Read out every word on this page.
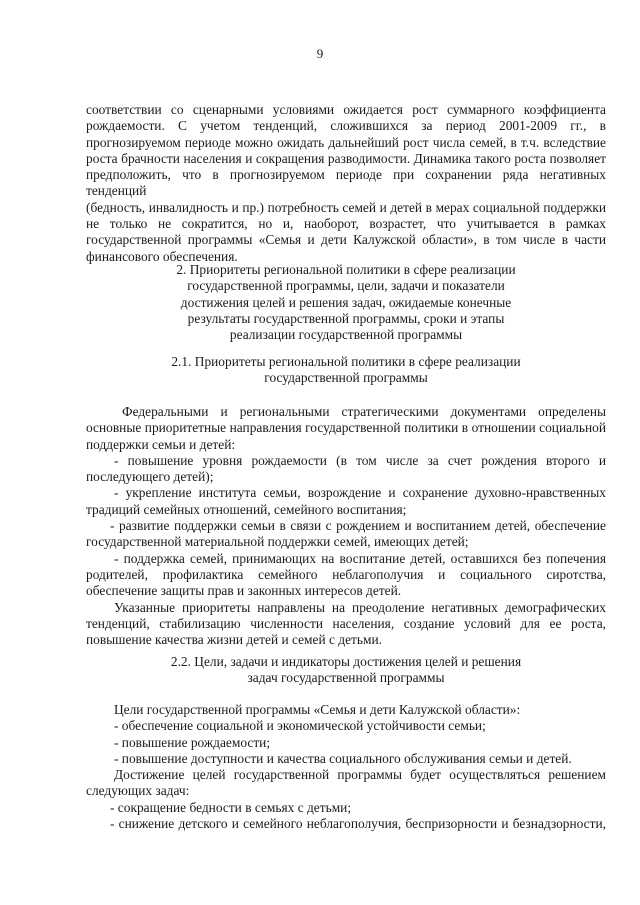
9
соответствии со сценарными условиями ожидается рост суммарного коэффициента
рождаемости. С учетом тенденций, сложившихся за период 2001-2009 гг., в
прогнозируемом периоде можно ожидать дальнейший рост числа семей, в т.ч. вследствие
роста брачности населения и сокращения разводимости. Динамика такого роста позволяет
предположить, что в прогнозируемом периоде при сохранении ряда негативных тенденций
(бедность, инвалидность и пр.) потребность семей и детей в мерах социальной поддержки
не только не сократится, но и, наоборот, возрастет, что учитывается в рамках
государственной программы «Семья и дети Калужской области», в том числе в части
финансового обеспечения.
2. Приоритеты региональной политики в сфере реализации
государственной программы, цели, задачи и показатели
достижения целей и решения задач, ожидаемые конечные
результаты государственной программы, сроки и этапы
реализации государственной программы
2.1. Приоритеты региональной политики в сфере реализации
государственной программы
Федеральными и региональными стратегическими документами определены
основные приоритетные направления государственной политики в отношении социальной
поддержки семьи и детей:
- повышение уровня рождаемости (в том числе за счет рождения второго и
последующего детей);
- укрепление института семьи, возрождение и сохранение духовно-нравственных
традиций семейных отношений, семейного воспитания;
- развитие поддержки семьи в связи с рождением и воспитанием детей, обеспечение
государственной материальной поддержки семей, имеющих детей;
- поддержка семей, принимающих на воспитание детей, оставшихся без попечения
родителей, профилактика семейного неблагополучия и социального сиротства,
обеспечение защиты прав и законных интересов детей.
Указанные приоритеты направлены на преодоление негативных демографических
тенденций, стабилизацию численности населения, создание условий для ее роста,
повышение качества жизни детей и семей с детьми.
2.2. Цели, задачи и индикаторы достижения целей и решения
задач государственной программы
Цели государственной программы «Семья и дети Калужской области»:
- обеспечение социальной и экономической устойчивости семьи;
- повышение рождаемости;
- повышение доступности и качества социального обслуживания семьи и детей.
Достижение целей государственной программы будет осуществляться решением
следующих задач:
- сокращение бедности в семьях с детьми;
- снижение детского и семейного неблагополучия, беспризорности и безнадзорности,
